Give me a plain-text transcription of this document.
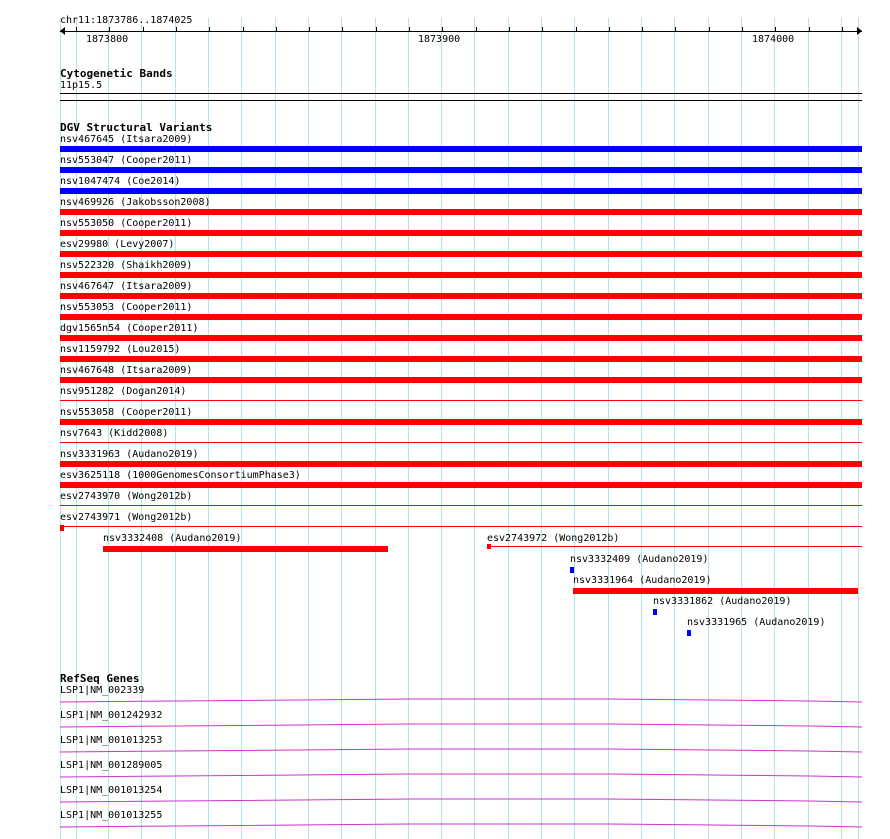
chr11:1873786..1874025
1873800	1873900	1874000
Cytogenetic Bands
11p15.5
DGV Structural Variants
nsv467645 (Itsara2009)
nsv553047 (Cooper2011)
nsv1047474 (Coe2014)
nsv469926 (Jakobsson2008)
nsv553050 (Cooper2011)
esv29980 (Levy2007)
nsv522320 (Shaikh2009)
nsv467647 (Itsara2009)
nsv553053 (Cooper2011)
dgv1565n54 (Cooper2011)
nsv1159792 (Lou2015)
nsv467648 (Itsara2009)
nsv951282 (Dogan2014)
nsv553058 (Cooper2011)
nsv7643 (Kidd2008)
nsv3331963 (Audano2019)
esv3625118 (1000GenomesConsortiumPhase3)
esv2743970 (Wong2012b)
esv2743971 (Wong2012b)
nsv3332408 (Audano2019)	esv2743972 (Wong2012b)
nsv3332409 (Audano2019)
nsv3331964 (Audano2019)
nsv3331862 (Audano2019)
nsv3331965 (Audano2019)
RefSeq Genes
LSP1|NM_002339
LSP1|NM_001242932
LSP1|NM_001013253
LSP1|NM_001289005
LSP1|NM_001013254
LSP1|NM_001013255
